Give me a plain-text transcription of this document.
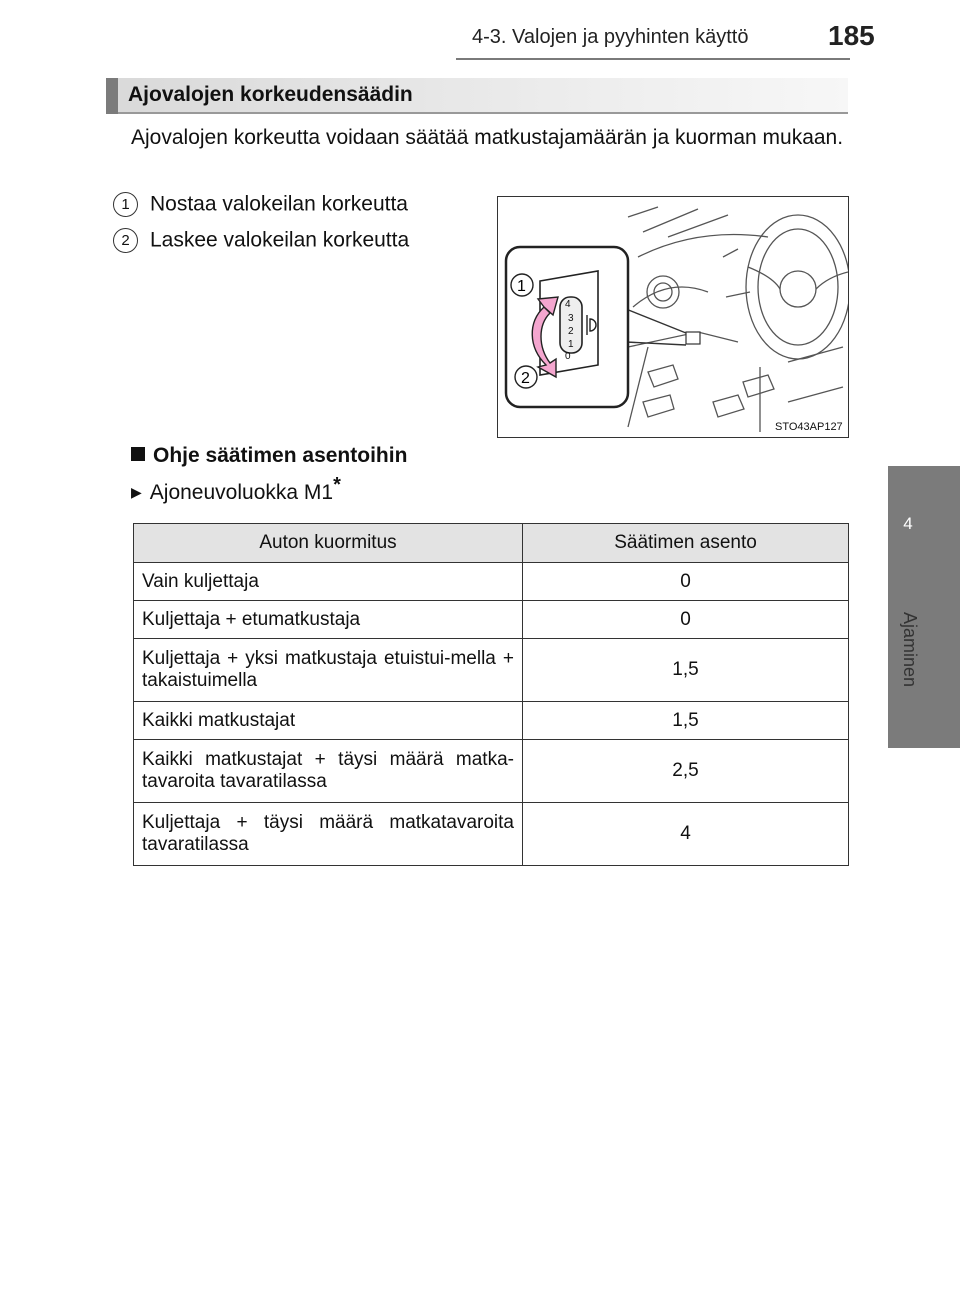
4-3. Valojen ja pyyhinten käyttö	185
4
Ajaminen
Ajovalojen korkeudensäädin
Ajovalojen korkeutta voidaan säätää matkustajamäärän ja kuorman mukaan.
1 Nostaa valokeilan korkeutta
2 Laskee valokeilan korkeutta
4
3
2
1
0
1
2
STO43AP127
Ohje säätimen asentoihin
▶ Ajoneuvoluokka M1*
Auton kuormitus	Säätimen asento
Vain kuljettaja	0
Kuljettaja + etumatkustaja	0
Kuljettaja + yksi matkustaja etuistui-mella + takaistuimella	1,5
Kaikki matkustajat	1,5
Kaikki matkustajat + täysi määrä matka-tavaroita tavaratilassa	2,5
Kuljettaja + täysi määrä matkatavaroita tavaratilassa	4
